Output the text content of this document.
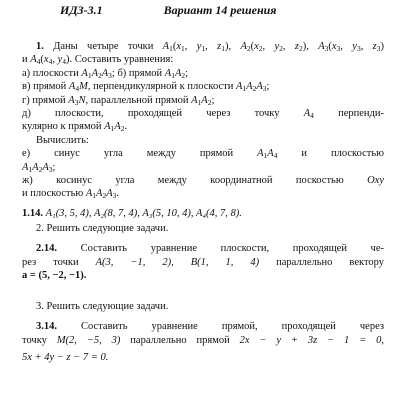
ИДЗ-3.1	Вариант 14 решения
1. Даны четыре точки $A_1(x_1$, $y_1$, $z_1$), $A_2(x_2$, $y_2$, $z_2$), $A_3(x_3$, $y_3$, $z_3$)
и $A_4(x_4$, $y_4$). Составить уравнения:
а) плоскости $A_1A_2A_3$; б) прямой $A_1A_2$;
в) прямой $A_4M$, перпендикулярной к плоскости $A_1A_2A_3$;
г) прямой $A_3N$, параллельной прямой $A_1A_2$;
д) плоскости, проходящей через точку $A_4$ перпенди-
кулярно к прямой $A_1A_2$.
Вычислить:
е) синус угла между прямой $A_1A_4$ и плоскостью
$A_1A_2A_3$;
ж) косинус угла между координатной поскостью Oxy
и плоскостью $A_1A_2A_3$.
1.14. A₁(3, 5, 4), A₂(8, 7, 4), A₃(5, 10, 4), A₄(4, 7, 8).
2. Решить следующие задачи.
2.14. Составить уравнение плоскости, проходящей че-
рез точки A(3, −1, 2), B(1, 1, 4) параллельно вектору
a = (5, −2, −1).
3. Решить следующие задачи.
3.14. Составить уравнение прямой, проходящей через
точку M(2, −5, 3) параллельно прямой 2x − y + 3z − 1 = 0,
5x + 4y − z − 7 = 0.
